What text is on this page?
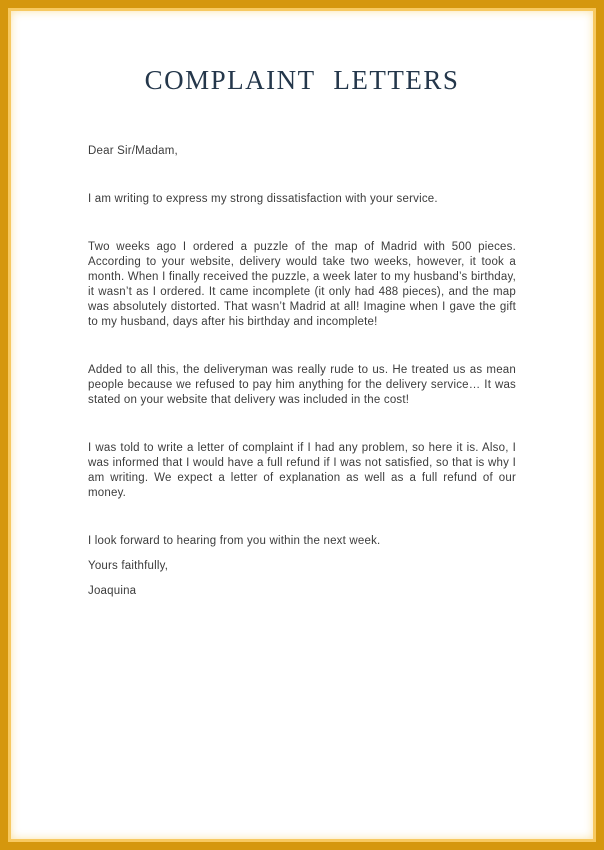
COMPLAINT LETTERS

Dear Sir/Madam,

I am writing to express my strong dissatisfaction with your service.

Two weeks ago I ordered a puzzle of the map of Madrid with 500 pieces. According to your website, delivery would take two weeks, however, it took a month. When I finally received the puzzle, a week later to my husband’s birthday, it wasn’t as I ordered. It came incomplete (it only had 488 pieces), and the map was absolutely distorted. That wasn’t Madrid at all! Imagine when I gave the gift to my husband, days after his birthday and incomplete!

Added to all this, the deliveryman was really rude to us. He treated us as mean people because we refused to pay him anything for the delivery service… It was stated on your website that delivery was included in the cost!

I was told to write a letter of complaint if I had any problem, so here it is. Also, I was informed that I would have a full refund if I was not satisfied, so that is why I am writing. We expect a letter of explanation as well as a full refund of our money.

I look forward to hearing from you within the next week.

Yours faithfully,

Joaquina
